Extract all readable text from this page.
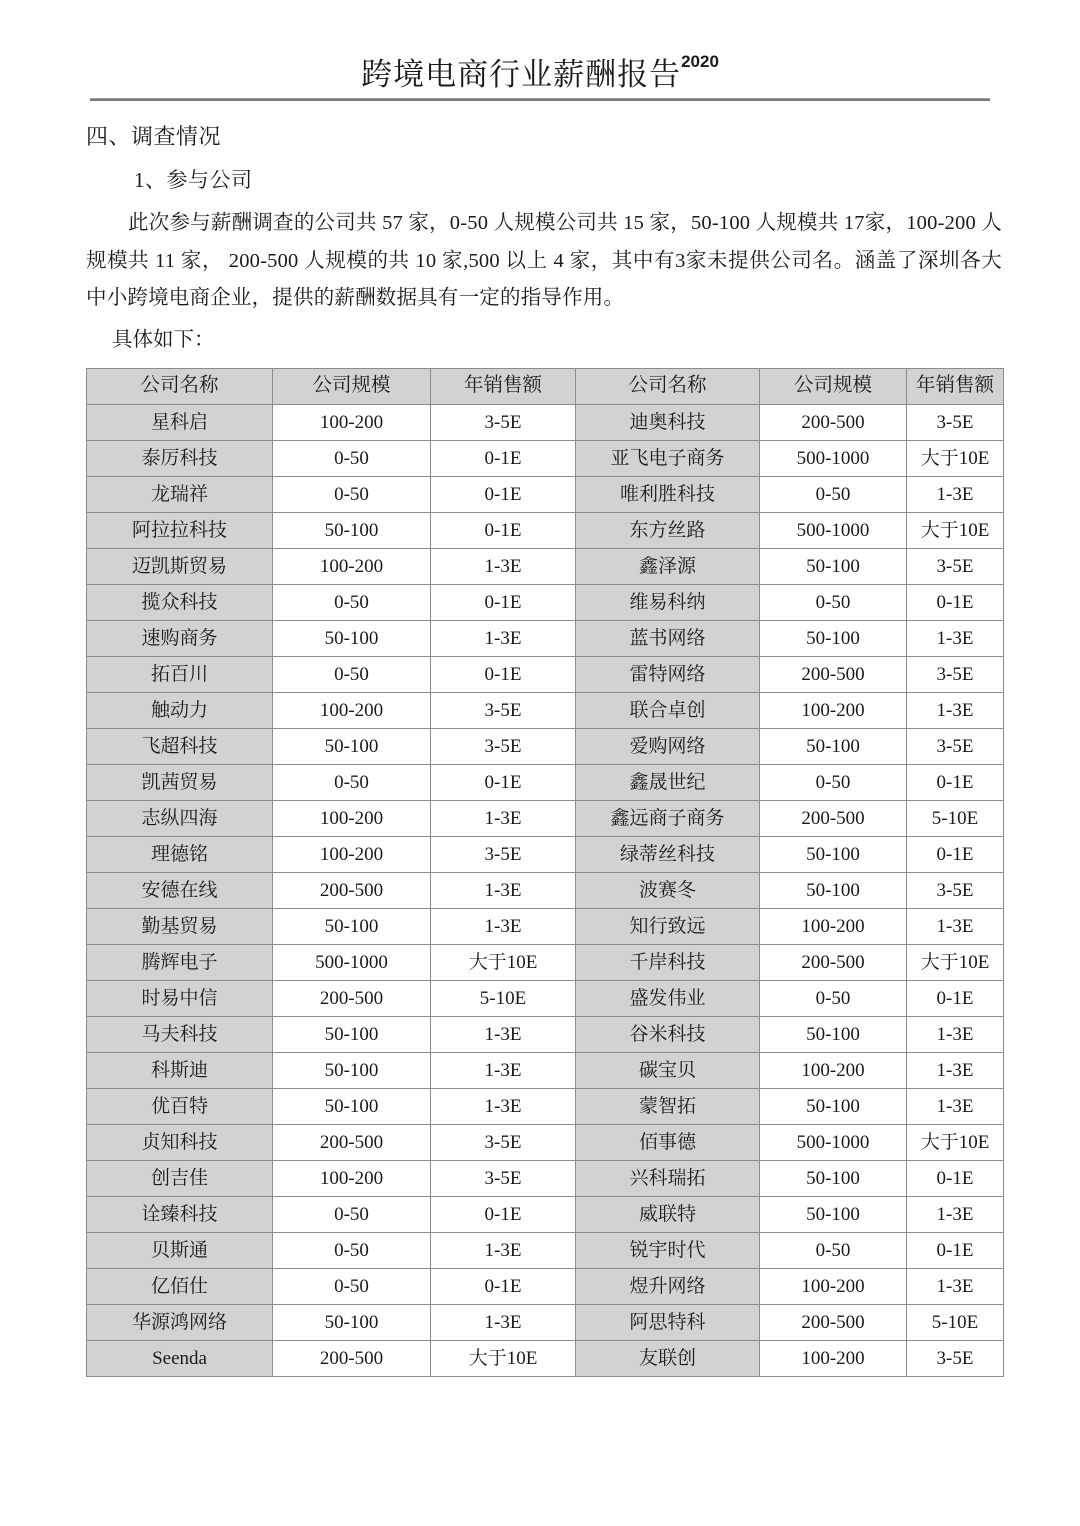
跨境电商行业薪酬报告$^{2020}$
四、调查情况
1、参与公司
此次参与薪酬调查的公司共 57 家，0-50 人规模公司共 15 家，50-100 人规模共 17家，100-200 人规模共 11 家， 200-500 人规模的共 10 家,500 以上 4 家，其中有3家未提供公司名。涵盖了深圳各大中小跨境电商企业，提供的薪酬数据具有一定的指导作用。
具体如下：
公司名称	公司规模	年销售额	公司名称	公司规模	年销售额
星科启	100-200	3-5E	迪奥科技	200-500	3-5E
泰厉科技	0-50	0-1E	亚飞电子商务	500-1000	大于10E
龙瑞祥	0-50	0-1E	唯利胜科技	0-50	1-3E
阿拉拉科技	50-100	0-1E	东方丝路	500-1000	大于10E
迈凯斯贸易	100-200	1-3E	鑫泽源	50-100	3-5E
揽众科技	0-50	0-1E	维易科纳	0-50	0-1E
速购商务	50-100	1-3E	蓝书网络	50-100	1-3E
拓百川	0-50	0-1E	雷特网络	200-500	3-5E
触动力	100-200	3-5E	联合卓创	100-200	1-3E
飞超科技	50-100	3-5E	爱购网络	50-100	3-5E
凯茜贸易	0-50	0-1E	鑫晟世纪	0-50	0-1E
志纵四海	100-200	1-3E	鑫远商子商务	200-500	5-10E
理德铭	100-200	3-5E	绿蒂丝科技	50-100	0-1E
安德在线	200-500	1-3E	波赛冬	50-100	3-5E
勤基贸易	50-100	1-3E	知行致远	100-200	1-3E
腾辉电子	500-1000	大于10E	千岸科技	200-500	大于10E
时易中信	200-500	5-10E	盛发伟业	0-50	0-1E
马夫科技	50-100	1-3E	谷米科技	50-100	1-3E
科斯迪	50-100	1-3E	碳宝贝	100-200	1-3E
优百特	50-100	1-3E	蒙智拓	50-100	1-3E
贞知科技	200-500	3-5E	佰事德	500-1000	大于10E
创吉佳	100-200	3-5E	兴科瑞拓	50-100	0-1E
诠臻科技	0-50	0-1E	威联特	50-100	1-3E
贝斯通	0-50	1-3E	锐宇时代	0-50	0-1E
亿佰仕	0-50	0-1E	煜升网络	100-200	1-3E
华源鸿网络	50-100	1-3E	阿思特科	200-500	5-10E
Seenda	200-500	大于10E	友联创	100-200	3-5E
